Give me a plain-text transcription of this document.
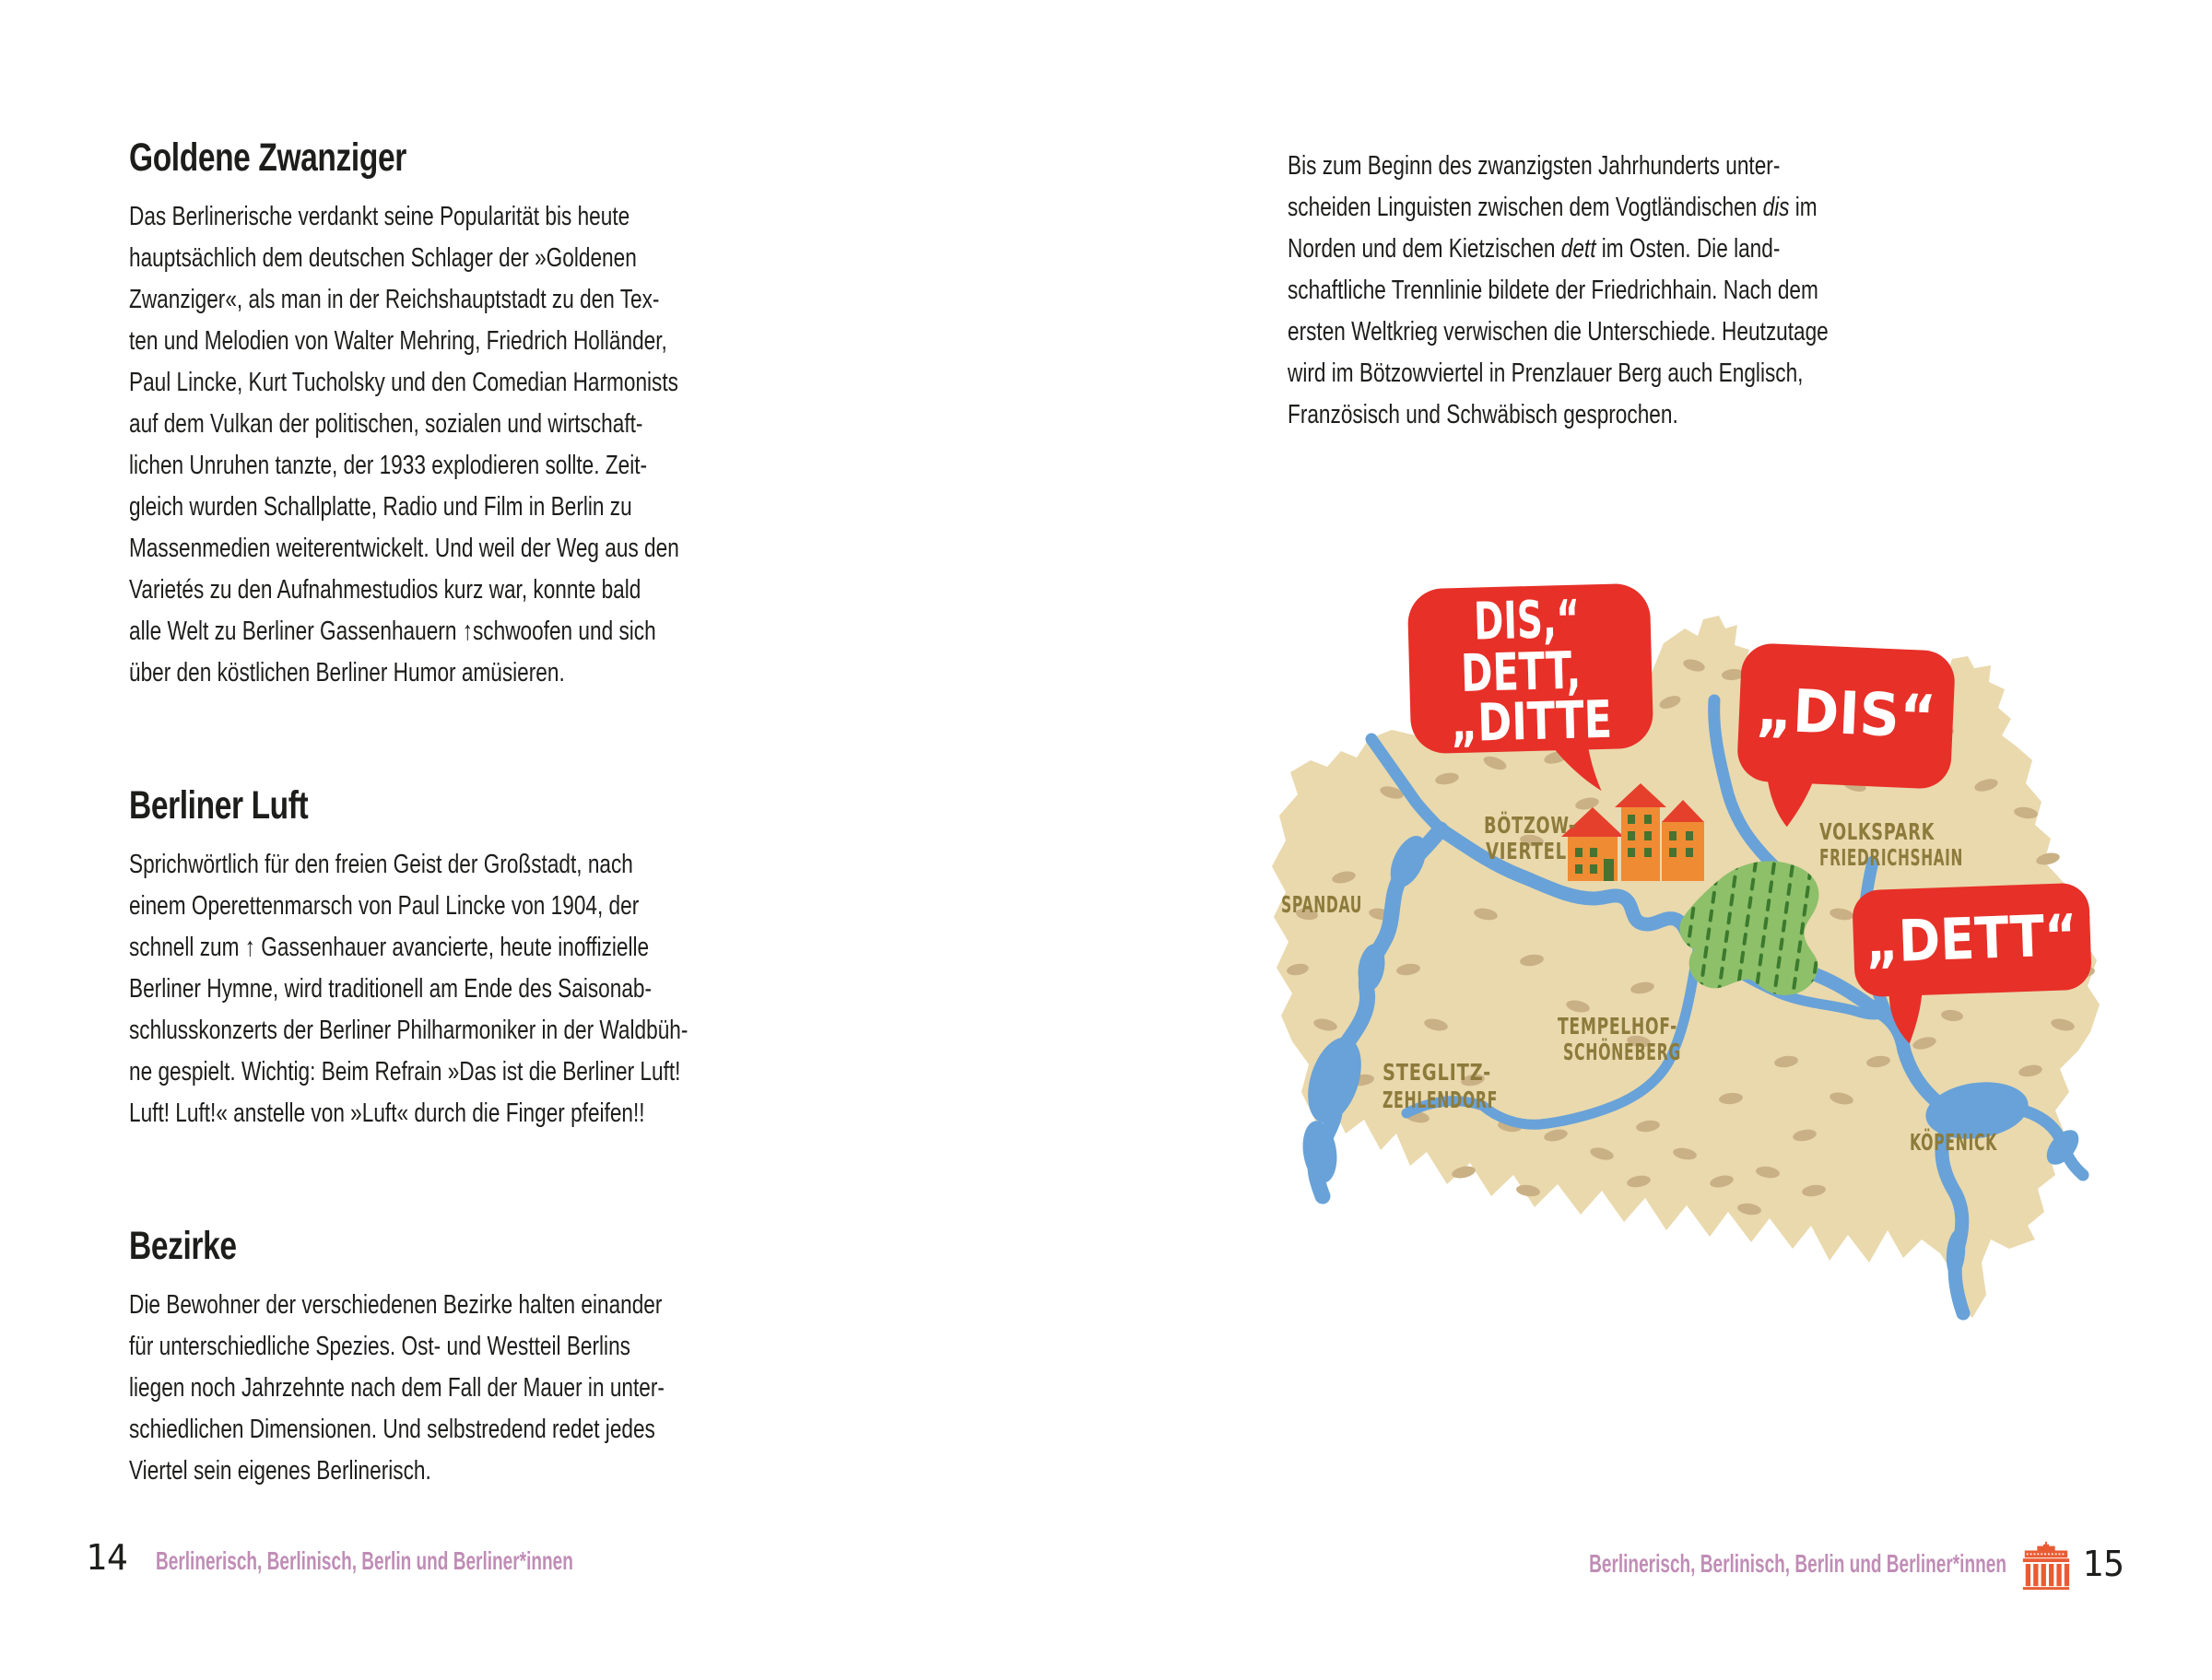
Goldene Zwanziger

Das Berlinerische verdankt seine Popularität bis heute
hauptsächlich dem deutschen Schlager der »Goldenen
Zwanziger«, als man in der Reichshauptstadt zu den Tex-
ten und Melodien von Walter Mehring, Friedrich Holländer,
Paul Lincke, Kurt Tucholsky und den Comedian Harmonists
auf dem Vulkan der politischen, sozialen und wirtschaft-
lichen Unruhen tanzte, der 1933 explodieren sollte. Zeit-
gleich wurden Schallplatte, Radio und Film in Berlin zu
Massenmedien weiterentwickelt. Und weil der Weg aus den
Varietés zu den Aufnahmestudios kurz war, konnte bald
alle Welt zu Berliner Gassenhauern ↑schwoofen und sich
über den köstlichen Berliner Humor amüsieren.

Berliner Luft

Sprichwörtlich für den freien Geist der Großstadt, nach
einem Operettenmarsch von Paul Lincke von 1904, der
schnell zum ↑ Gassenhauer avancierte, heute inoffizielle
Berliner Hymne, wird traditionell am Ende des Saisonab-
schlusskonzerts der Berliner Philharmoniker in der Waldbüh-
ne gespielt. Wichtig: Beim Refrain »Das ist die Berliner Luft!
Luft! Luft!« anstelle von »Luft« durch die Finger pfeifen!!

Bezirke

Die Bewohner der verschiedenen Bezirke halten einander
für unterschiedliche Spezies. Ost- und Westteil Berlins
liegen noch Jahrzehnte nach dem Fall der Mauer in unter-
schiedlichen Dimensionen. Und selbstredend redet jedes
Viertel sein eigenes Berlinerisch.

14 Berlinerisch, Berlinisch, Berlin und Berliner*innen

Bis zum Beginn des zwanzigsten Jahrhunderts unter-
scheiden Linguisten zwischen dem Vogtländischen dis im
Norden und dem Kietzischen dett im Osten. Die land-
schaftliche Trennlinie bildete der Friedrichhain. Nach dem
ersten Weltkrieg verwischen die Unterschiede. Heutzutage
wird im Bötzowviertel in Prenzlauer Berg auch Englisch,
Französisch und Schwäbisch gesprochen.

SPANDAU
BÖTZOW-
VIERTEL
VOLKSPARK
FRIEDRICHSHAIN
TEMPELHOF-
SCHÖNEBERG
STEGLITZ-
ZEHLENDORF
KÖPENICK
DIS,“
DETT,
„DITTE „DIS“
„DETT“
Berlinerisch, Berlinisch, Berlin und Berliner*innen 15
